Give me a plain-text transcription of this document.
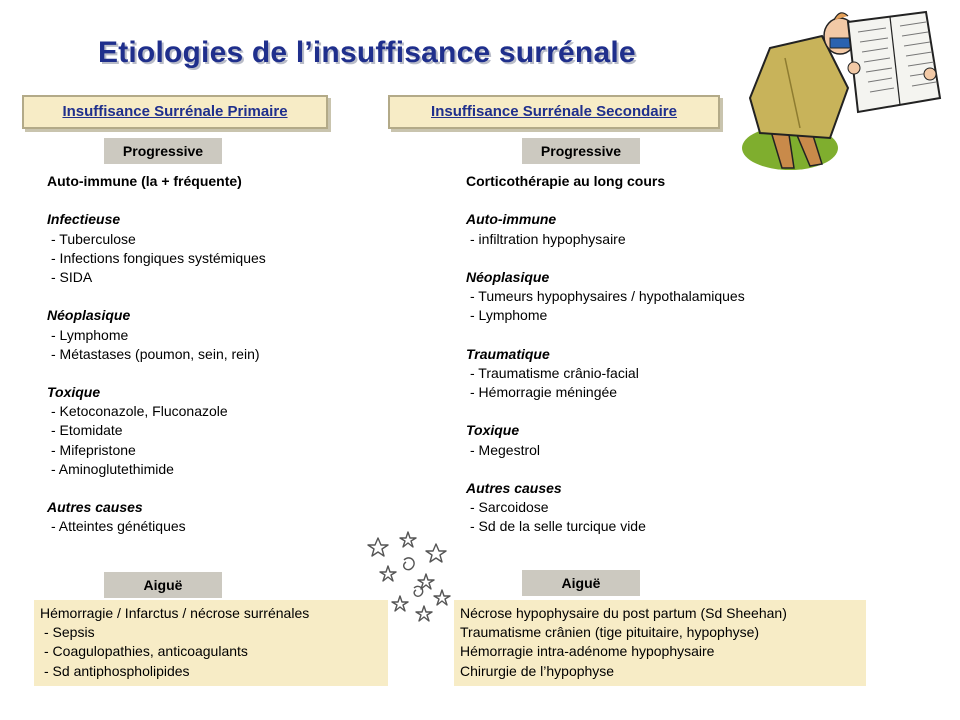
Etiologies de l’insuffisance surrénale
Insuffisance Surrénale Primaire	Insuffisance Surrénale Secondaire
Progressive	Progressive
Auto-immune (la + fréquente)
Infectieuse
- Tuberculose
- Infections fongiques systémiques
- SIDA
Néoplasique
- Lymphome
- Métastases (poumon, sein, rein)
Toxique
- Ketoconazole, Fluconazole
- Etomidate
- Mifepristone
- Aminoglutethimide
Autres causes
- Atteintes génétiques
Corticothérapie au long cours
Auto-immune
- infiltration hypophysaire
Néoplasique
- Tumeurs hypophysaires / hypothalamiques
- Lymphome
Traumatique
- Traumatisme crânio-facial
- Hémorragie méningée
Toxique
- Megestrol
Autres causes
- Sarcoidose
- Sd de la selle turcique vide
Aiguë	Aiguë
Hémorragie / Infarctus / nécrose surrénales
- Sepsis
- Coagulopathies, anticoagulants
- Sd antiphospholipides
Nécrose hypophysaire du post partum (Sd Sheehan)
Traumatisme crânien (tige pituitaire, hypophyse)
Hémorragie intra-adénome hypophysaire
Chirurgie de l’hypophyse
